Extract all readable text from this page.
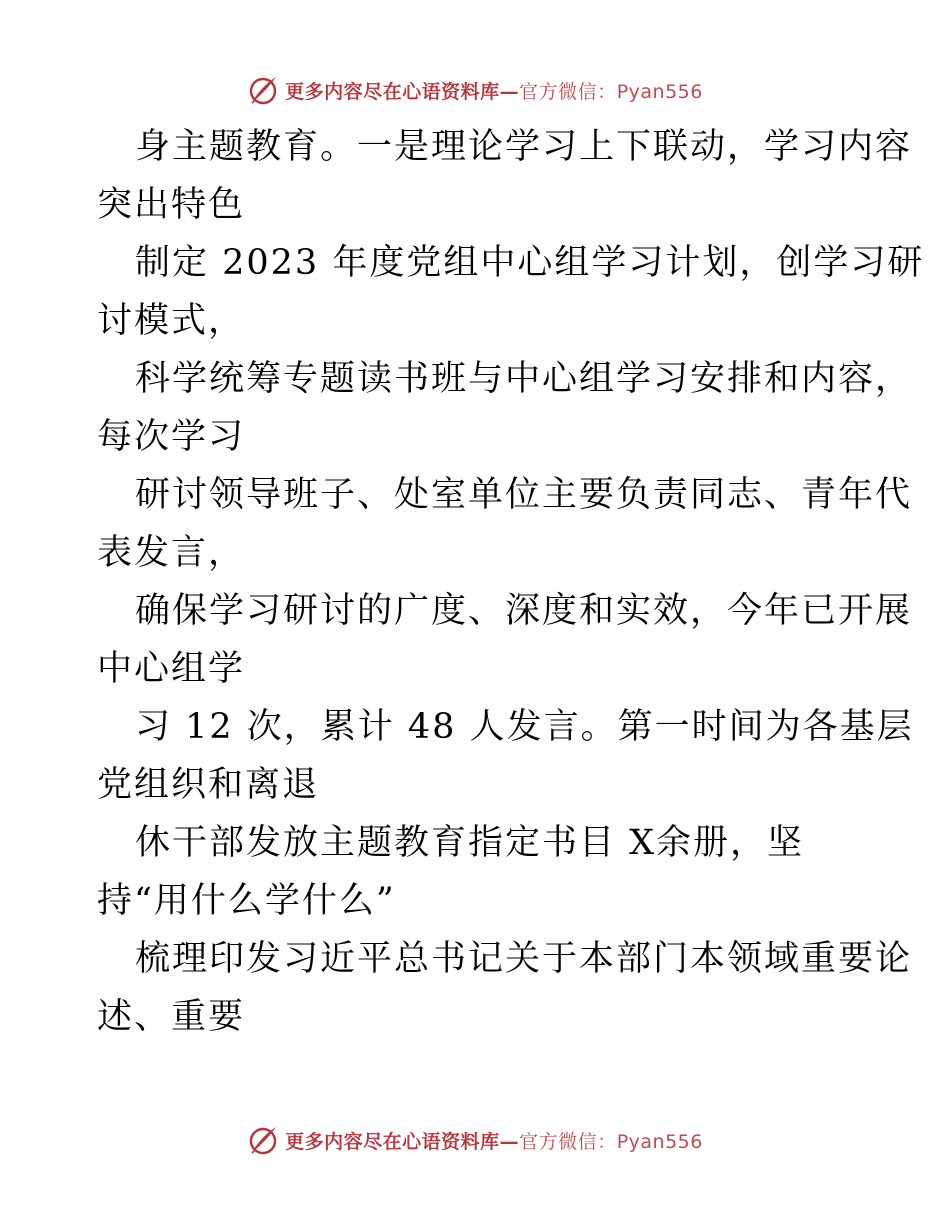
更多内容尽在心语资料库—官方微信：Pyan556
身主题教育。一是理论学习上下联动，学习内容
突出特色
制定 2023 年度党组中心组学习计划，创学习研
讨模式，
科学统筹专题读书班与中心组学习安排和内容，
每次学习
研讨领导班子、处室单位主要负责同志、青年代
表发言，
确保学习研讨的广度、深度和实效，今年已开展
中心组学
习 12 次，累计 48 人发言。第一时间为各基层
党组织和离退
休干部发放主题教育指定书目 X余册，坚
持“用什么学什么”
梳理印发习近平总书记关于本部门本领域重要论
述、重要
更多内容尽在心语资料库—官方微信：Pyan556
